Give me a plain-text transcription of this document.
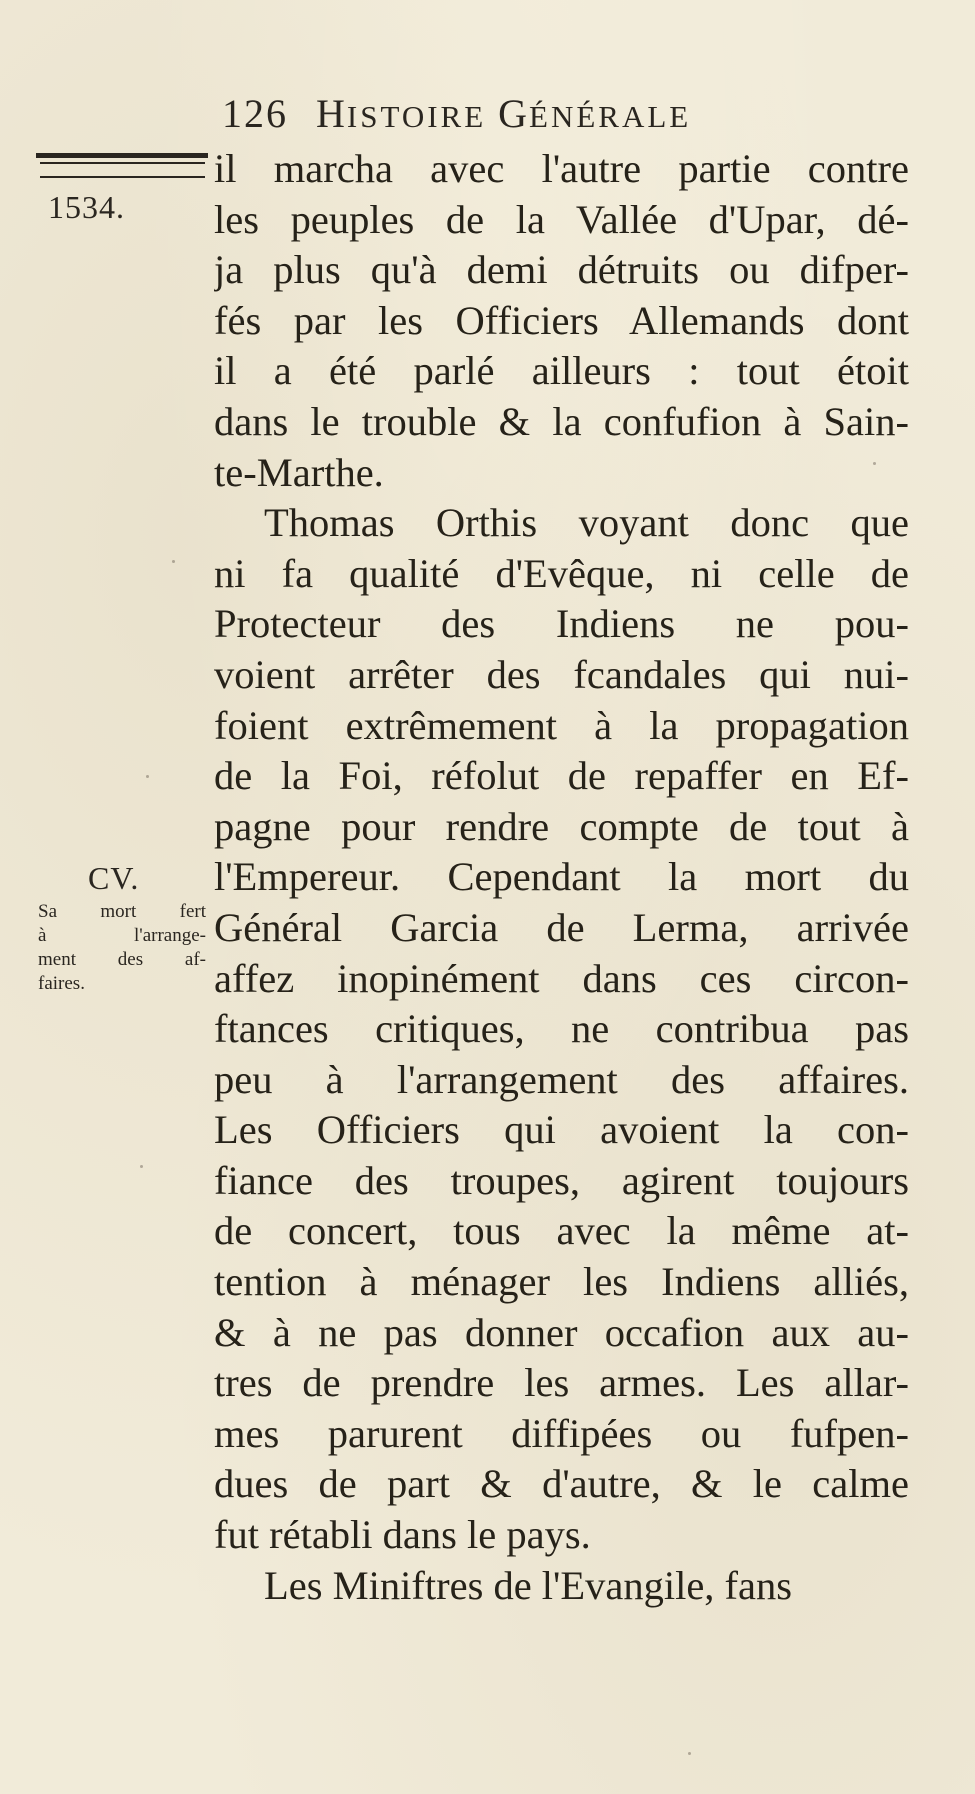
126 HISTOIRE GÉNÉRALE
1534.
il marcha avec l'autre partie contre
les peuples de la Vallée d'Upar, dé-
ja plus qu'à demi détruits ou difper-
fés par les Officiers Allemands dont
il a été parlé ailleurs : tout étoit
dans le trouble & la confufion à Sain-
te-Marthe.
Thomas Orthis voyant donc que
ni fa qualité d'Evêque, ni celle de
Protecteur des Indiens ne pou-
voient arrêter des fcandales qui nui-
foient extrêmement à la propagation
de la Foi, réfolut de repaffer en Ef-
pagne pour rendre compte de tout à
l'Empereur. Cependant la mort du
Général Garcia de Lerma, arrivée
affez inopinément dans ces circon-
ftances critiques, ne contribua pas
peu à l'arrangement des affaires.
Les Officiers qui avoient la con-
fiance des troupes, agirent toujours
de concert, tous avec la même at-
tention à ménager les Indiens alliés,
& à ne pas donner occafion aux au-
tres de prendre les armes. Les allar-
mes parurent diffipées ou fufpen-
dues de part & d'autre, & le calme
fut rétabli dans le pays.
Les Miniftres de l'Evangile, fans
CV.
Sa mort fert
à l'arrange-
ment des af-
faires.
